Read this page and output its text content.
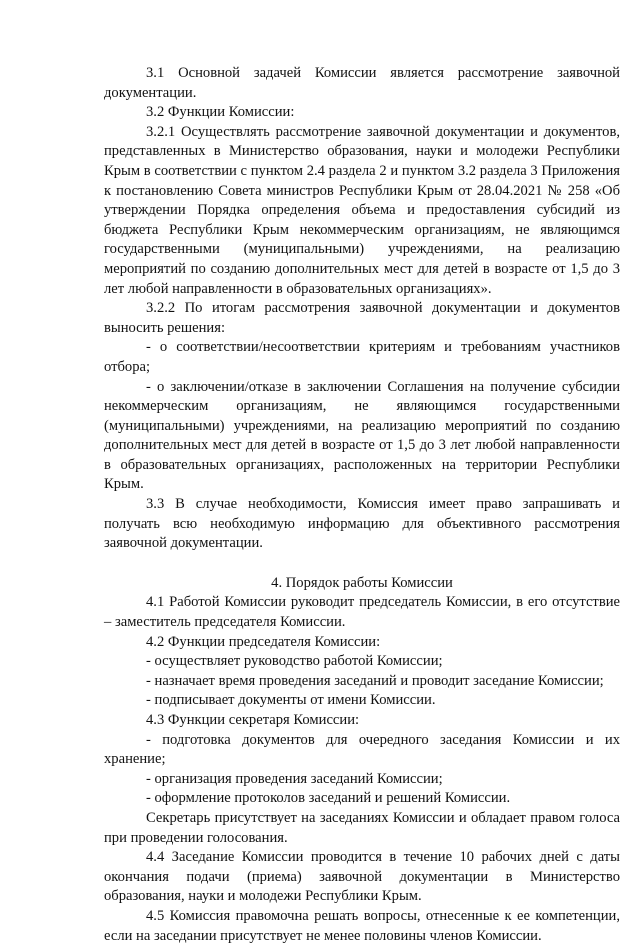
3.1 Основной задачей Комиссии является рассмотрение заявочной документации.

3.2 Функции Комиссии:

3.2.1 Осуществлять рассмотрение заявочной документации и документов, представленных в Министерство образования, науки и молодежи Республики Крым в соответствии с пунктом 2.4 раздела 2 и пунктом 3.2 раздела 3 Приложения к постановлению Совета министров Республики Крым от 28.04.2021 № 258 «Об утверждении Порядка определения объема и предоставления субсидий из бюджета Республики Крым некоммерческим организациям, не являющимся государственными (муниципальными) учреждениями, на реализацию мероприятий по созданию дополнительных мест для детей в возрасте от 1,5 до 3 лет любой направленности в образовательных организациях».

3.2.2 По итогам рассмотрения заявочной документации и документов выносить решения:

- о соответствии/несоответствии критериям и требованиям участников отбора;

- о заключении/отказе в заключении Соглашения на получение субсидии некоммерческим организациям, не являющимся государственными (муниципальными) учреждениями, на реализацию мероприятий по созданию дополнительных мест для детей в возрасте от 1,5 до 3 лет любой направленности в образовательных организациях, расположенных на территории Республики Крым.

3.3 В случае необходимости, Комиссия имеет право запрашивать и получать всю необходимую информацию для объективного рассмотрения заявочной документации.

4. Порядок работы Комиссии

4.1 Работой Комиссии руководит председатель Комиссии, в его отсутствие – заместитель председателя Комиссии.

4.2 Функции председателя Комиссии:

- осуществляет руководство работой Комиссии;

- назначает время проведения заседаний и проводит заседание Комиссии;

- подписывает документы от имени Комиссии.

4.3 Функции секретаря Комиссии:

- подготовка документов для очередного заседания Комиссии и их хранение;

- организация проведения заседаний Комиссии;

- оформление протоколов заседаний и решений Комиссии.

Секретарь присутствует на заседаниях Комиссии и обладает правом голоса при проведении голосования.

4.4 Заседание Комиссии проводится в течение 10 рабочих дней с даты окончания подачи (приема) заявочной документации в Министерство образования, науки и молодежи Республики Крым.

4.5 Комиссия правомочна решать вопросы, отнесенные к ее компетенции, если на заседании присутствует не менее половины членов Комиссии.
